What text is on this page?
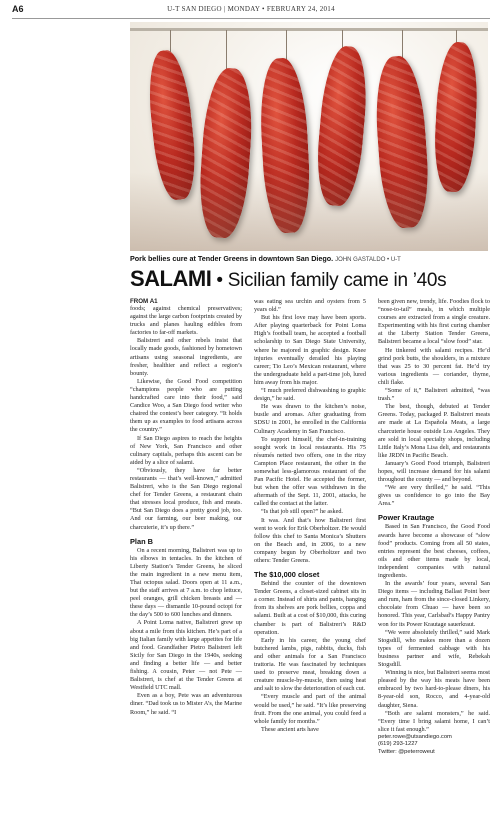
A6	U-T SAN DIEGO | MONDAY • FEBRUARY 24, 2014
Pork bellies cure at Tender Greens in downtown San Diego. JOHN GASTALDO • U-T
SALAMI • Sicilian family came in ’40s
FROM A1

foods; against chemical preservatives; against the large carbon footprints created by trucks and planes hauling edibles from factories to far-off markets.

Balistreri and other rebels insist that locally made goods, fashioned by hometown artisans using seasonal ingredients, are fresher, healthier and reflect a region’s bounty.

Likewise, the Good Food competition “champions people who are putting handcrafted care into their food,” said Candice Woo, a San Diego food writer who chaired the contest’s beer category. “It holds them up as examples to food artisans across the country.”

If San Diego aspires to reach the heights of New York, San Francisco and other culinary capitals, perhaps this ascent can be aided by a slice of salami.

“Obviously, they have far better restaurants — that’s well-known,” admitted Balistreri, who is the San Diego regional chef for Tender Greens, a restaurant chain that stresses local produce, fish and meats. “But San Diego does a pretty good job, too. And our farming, our beer making, our charcuterie, it’s up there.”

Plan B

On a recent morning, Balistreri was up to his elbows in tentacles. In the kitchen of Liberty Station’s Tender Greens, he sliced the main ingredient in a new menu item, Thai octopus salad. Doors open at 11 a.m., but the staff arrives at 7 a.m. to chop lettuce, peel oranges, grill chicken breasts and — these days — dismantle 10-pound octopi for the day’s 500 to 600 lunches and dinners.

A Point Loma native, Balistreri grew up about a mile from this kitchen. He’s part of a big Italian family with large appetites for life and food. Grandfather Pietro Balistreri left Sicily for San Diego in the 1940s, seeking and finding a better life — and better fishing. A cousin, Peter — not Pete — Balistreri, is chef at the Tender Greens at Westfield UTC mall.

Even as a boy, Pete was an adventurous diner. “Dad took us to Mister A’s, the Marine Room,” he said. “I

was eating sea urchin and oysters from 5 years old.”

But his first love may have been sports. After playing quarterback for Point Loma High’s football team, he accepted a football scholarship to San Diego State University, where he majored in graphic design. Knee injuries eventually derailed his playing career; Tio Leo’s Mexican restaurant, where the undergraduate held a part-time job, lured him away from his major.

“I much preferred dishwashing to graphic design,” he said.

He was drawn to the kitchen’s noise, bustle and aromas. After graduating from SDSU in 2001, he enrolled in the California Culinary Academy in San Francisco.

To support himself, the chef-in-training sought work in local restaurants. His 75 résumés netted two offers, one in the ritzy Campton Place restaurant, the other in the somewhat less-glamorous restaurant of the Pan Pacific Hotel. He accepted the former, but when the offer was withdrawn in the aftermath of the Sept. 11, 2001, attacks, he called the contact at the latter.

“Is that job still open?” he asked.

It was. And that’s how Balistreri first went to work for Erik Oberholtzer. He would follow this chef to Santa Monica’s Shutters on the Beach and, in 2006, to a new company begun by Oberholtzer and two others: Tender Greens.

The $10,000 closet

Behind the counter of the downtown Tender Greens, a closet-sized cabinet sits in a corner. Instead of shirts and pants, hanging from its shelves are pork bellies, coppa and salami. Built at a cost of $10,000, this curing chamber is part of Balistreri’s R&D operation.

Early in his career, the young chef butchered lambs, pigs, rabbits, ducks, fish and other animals for a San Francisco trattoria. He was fascinated by techniques used to preserve meat, breaking down a creature muscle-by-muscle, then using heat and salt to slow the deterioration of each cut.

“Every muscle and part of the animal would be used,” he said. “It’s like preserving fruit. From the one animal, you could feed a whole family for months.”

These ancient arts have

been given new, trendy, life. Foodies flock to “nose-to-tail” meals, in which multiple courses are extracted from a single creature. Experimenting with his first curing chamber at the Liberty Station Tender Greens, Balistreri became a local “slow food” star.

He tinkered with salami recipes. He’d grind pork butts, the shoulders, in a mixture that was 25 to 30 percent fat. He’d try various ingredients — coriander, thyme, chili flake.

“Some of it,” Balistreri admitted, “was trash.”

The best, though, debuted at Tender Greens. Today, packaged P. Balistreri meats are made at La Española Meats, a large charcuterie house outside Los Angeles. They are sold in local specialty shops, including Little Italy’s Mona Lisa deli, and restaurants like JRDN in Pacific Beach.

January’s Good Food triumph, Balistreri hopes, will increase demand for his salami throughout the county — and beyond.

“We are very thrilled,” he said. “This gives us confidence to go into the Bay Area.”

Power Krautage

Based in San Francisco, the Good Food awards have become a showcase of “slow food” products. Coming from all 50 states, entries represent the best cheeses, coffees, oils and other items made by local, independent companies with natural ingredients.

In the awards’ four years, several San Diego items — including Ballast Point beer and rum, ham from the since-closed Linkery, chocolate from Chuao — have been so honored. This year, Carlsbad’s Happy Pantry won for its Power Krautage sauerkraut.

“We were absolutely thrilled,” said Mark Stogsdill, who makes more than a dozen types of fermented cabbage with his business partner and wife, Rebekah Stogsdill.

Winning is nice, but Balistreri seems most pleased by the way his meats have been embraced by two hard-to-please diners, his 8-year-old son, Rocco, and 4-year-old daughter, Siena.

“Both are salami monsters,” he said. “Every time I bring salami home, I can’t slice it fast enough.”

peter.rowe@utsandiego.com

(619) 293-1227

Twitter: @peterroweut
